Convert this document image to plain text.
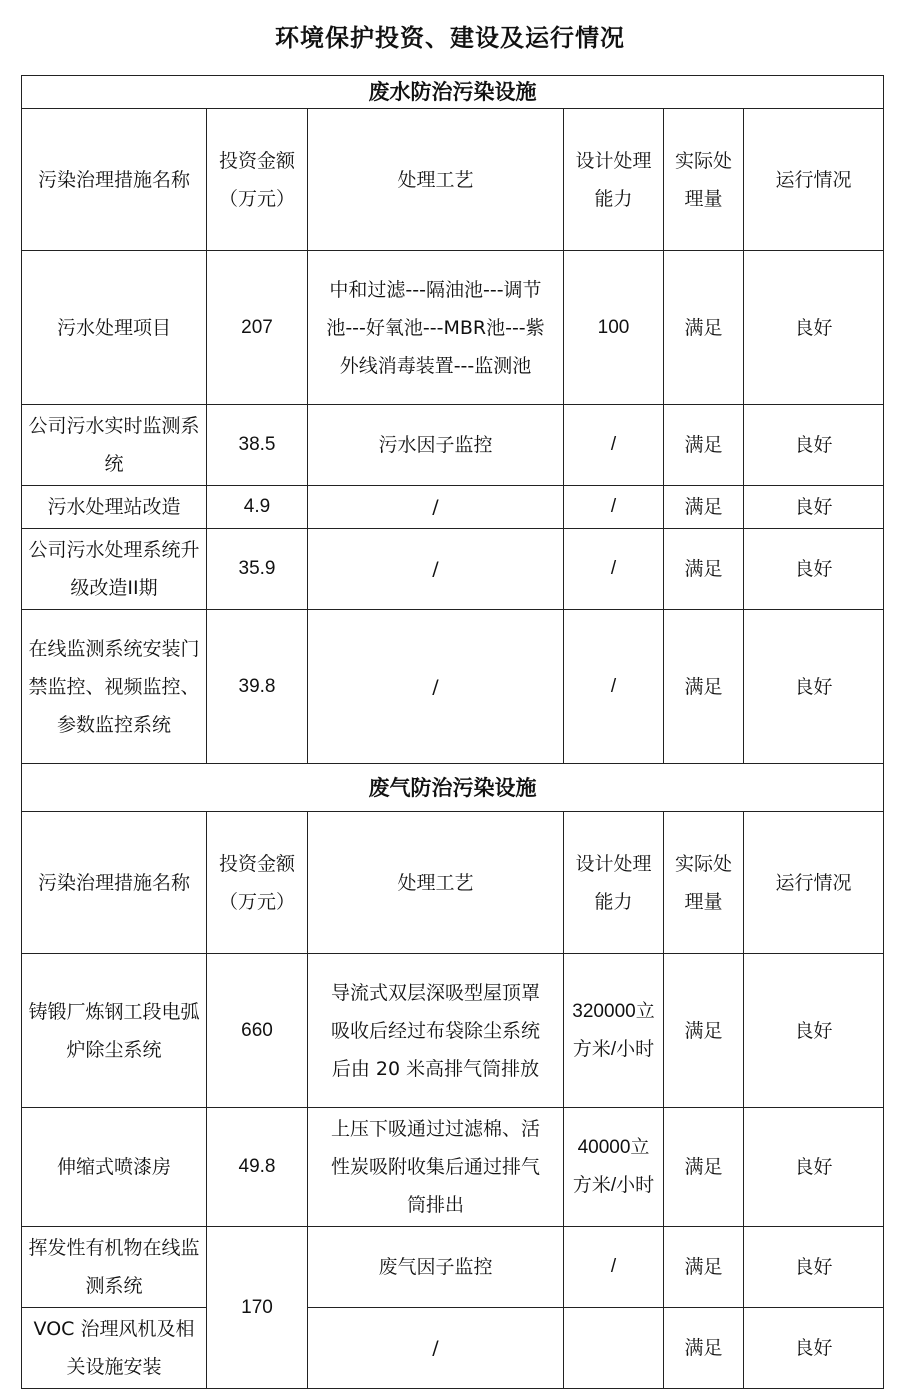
环境保护投资、建设及运行情况
废水防治污染设施					
污染治理措施名称	投资金额（万元）	处理工艺	设计处理能力	实际处理量	运行情况
污水处理项目	207	中和过滤---隔油池---调节池---好氧池---MBR池---紫外线消毒装置---监测池	100	满足	良好
公司污水实时监测系统	38.5	污水因子监控	/	满足	良好
污水处理站改造	4.9	/	/	满足	良好
公司污水处理系统升级改造II期	35.9	/	/	满足	良好
在线监测系统安装门禁监控、视频监控、参数监控系统	39.8	/	/	满足	良好
废气防治污染设施					
污染治理措施名称	投资金额（万元）	处理工艺	设计处理能力	实际处理量	运行情况
铸锻厂炼钢工段电弧炉除尘系统	660	导流式双层深吸型屋顶罩吸收后经过布袋除尘系统后由 20 米高排气筒排放	320000立方米/小时	满足	良好
伸缩式喷漆房	49.8	上压下吸通过过滤棉、活性炭吸附收集后通过排气筒排出	40000立方米/小时	满足	良好
挥发性有机物在线监测系统	170	废气因子监控	/	满足	良好
VOC 治理风机及相关设施安装		/		满足	良好
